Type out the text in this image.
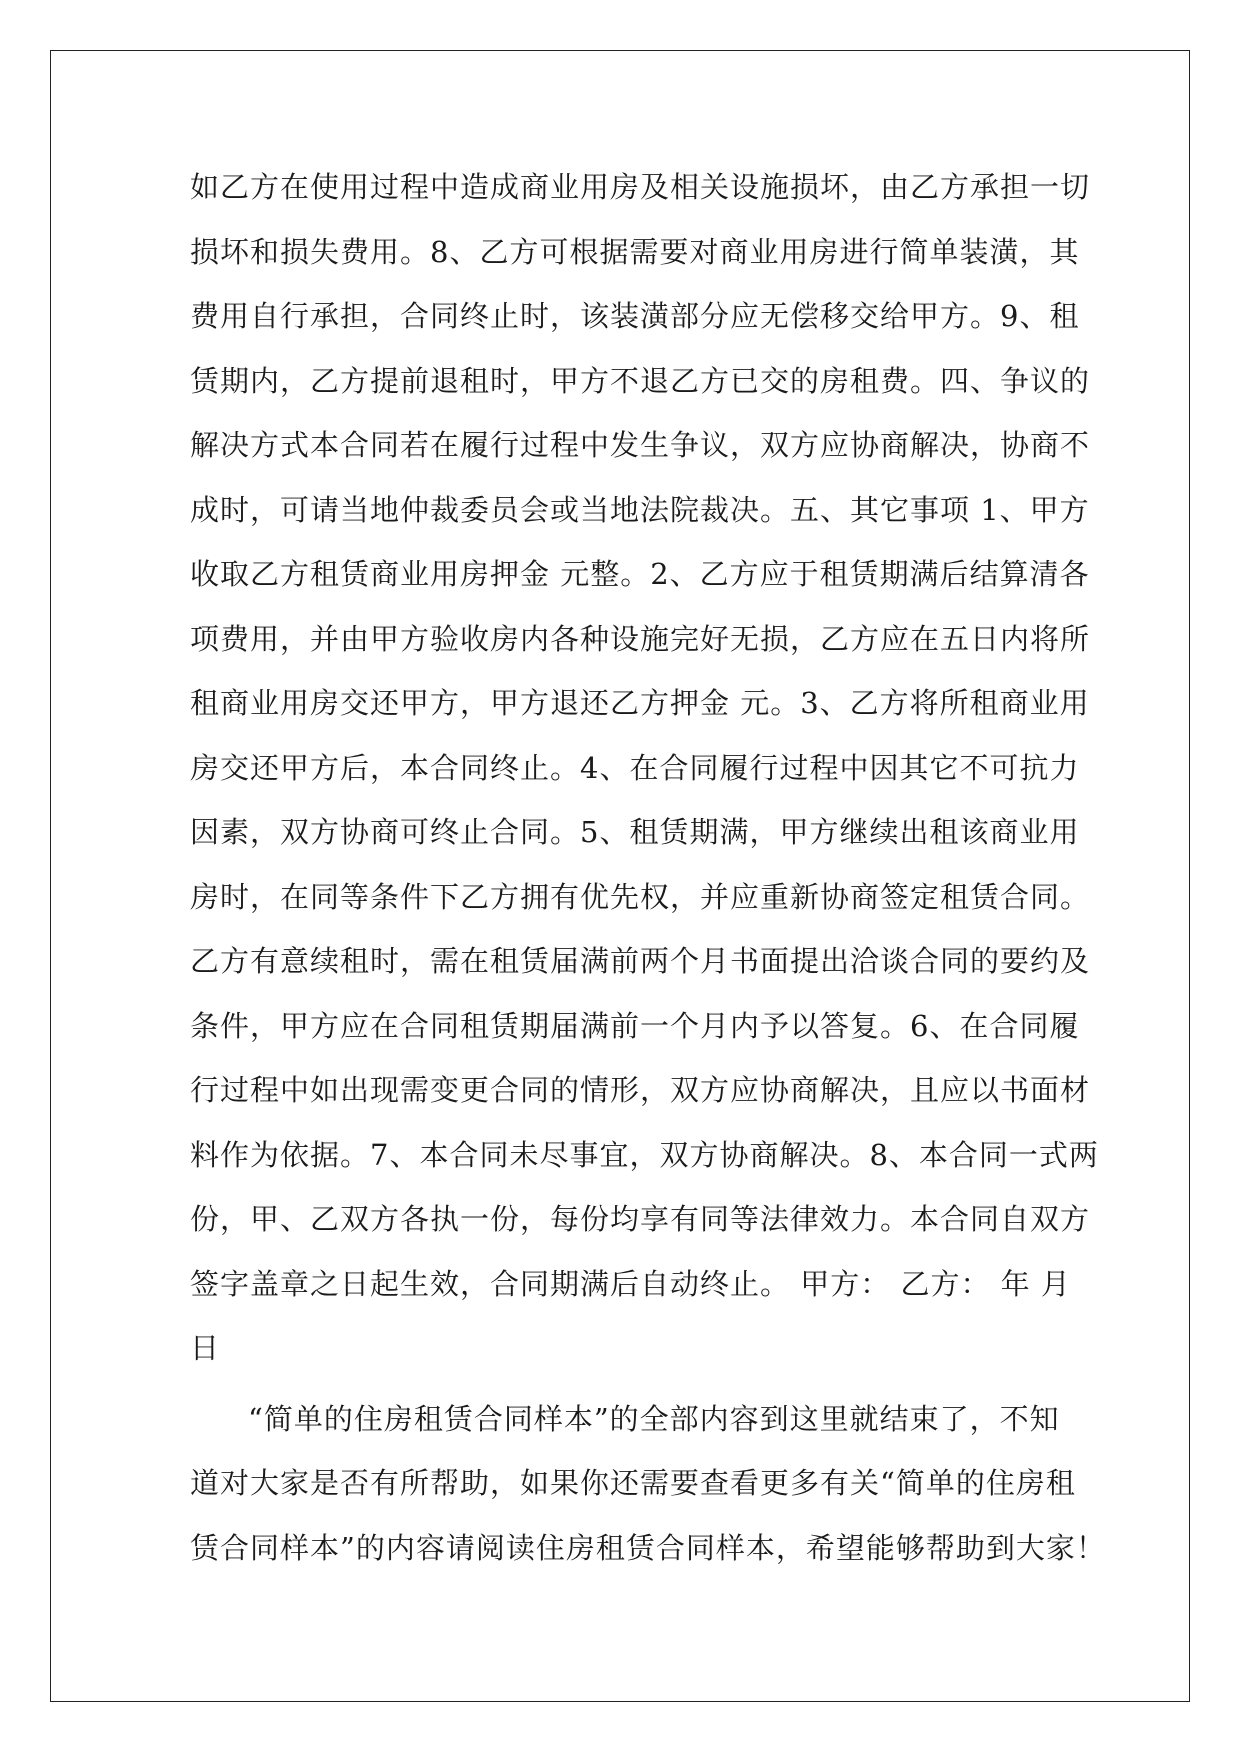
如乙方在使用过程中造成商业用房及相关设施损坏，由乙方承担一切
损坏和损失费用。8、乙方可根据需要对商业用房进行简单装潢，其
费用自行承担，合同终止时，该装潢部分应无偿移交给甲方。9、租
赁期内，乙方提前退租时，甲方不退乙方已交的房租费。四、争议的
解决方式本合同若在履行过程中发生争议，双方应协商解决，协商不
成时，可请当地仲裁委员会或当地法院裁决。五、其它事项 1、甲方
收取乙方租赁商业用房押金 元整。2、乙方应于租赁期满后结算清各
项费用，并由甲方验收房内各种设施完好无损，乙方应在五日内将所
租商业用房交还甲方，甲方退还乙方押金 元。3、乙方将所租商业用
房交还甲方后，本合同终止。4、在合同履行过程中因其它不可抗力
因素，双方协商可终止合同。5、租赁期满，甲方继续出租该商业用
房时，在同等条件下乙方拥有优先权，并应重新协商签定租赁合同。
乙方有意续租时，需在租赁届满前两个月书面提出洽谈合同的要约及
条件，甲方应在合同租赁期届满前一个月内予以答复。6、在合同履
行过程中如出现需变更合同的情形，双方应协商解决，且应以书面材
料作为依据。7、本合同未尽事宜，双方协商解决。8、本合同一式两
份，甲、乙双方各执一份，每份均享有同等法律效力。本合同自双方
签字盖章之日起生效，合同期满后自动终止。 甲方： 乙方： 年 月
日
“简单的住房租赁合同样本”的全部内容到这里就结束了，不知
道对大家是否有所帮助，如果你还需要查看更多有关“简单的住房租
赁合同样本”的内容请阅读住房租赁合同样本，希望能够帮助到大家！
